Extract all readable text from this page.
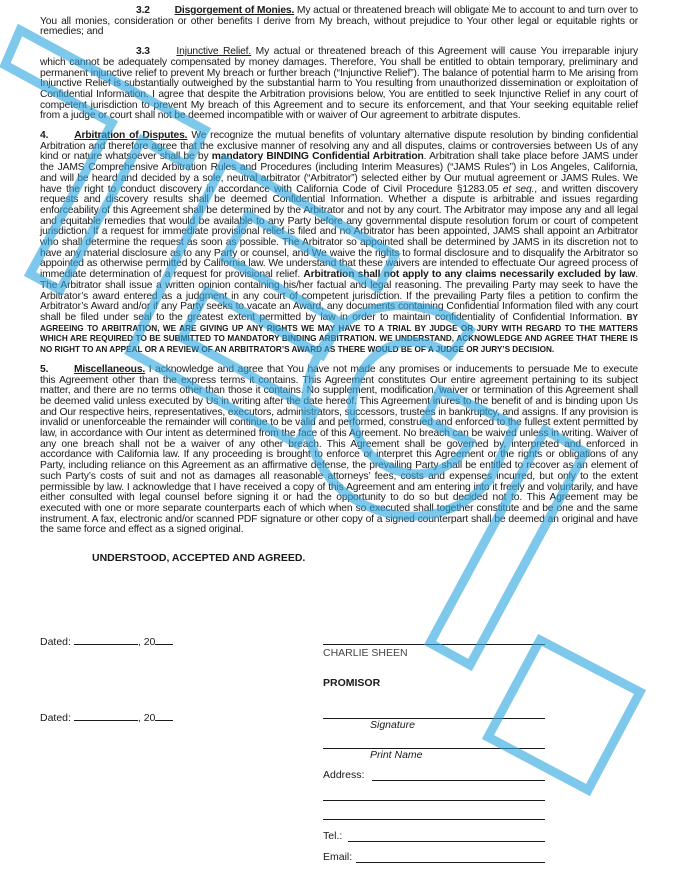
3.2 Disgorgement of Monies. My actual or threatened breach will obligate Me to account to and turn over to You all monies, consideration or other benefits I derive from My breach, without prejudice to Your other legal or equitable rights or remedies; and

3.3	Injunctive Relief. My actual or threatened breach of this Agreement will cause You irreparable injury which cannot be adequately compensated by money damages. Therefore, You shall be entitled to obtain temporary, preliminary and permanent injunctive relief to prevent My breach or further breach (“Injunctive Relief”). The balance of potential harm to Me arising from Injunctive Relief is substantially outweighed by the substantial harm to You resulting from unauthorized dissemination or exploitation of Confidential Information. I agree that despite the Arbitration provisions below, You are entitled to seek Injunctive Relief in any court of competent jurisdiction to prevent My breach of this Agreement and to secure its enforcement, and that Your seeking equitable relief from a judge or court shall not be deemed incompatible with or waiver of Our agreement to arbitrate disputes.

4.	Arbitration of Disputes. We recognize the mutual benefits of voluntary alternative dispute resolution by binding confidential Arbitration and therefore agree that the exclusive manner of resolving any and all disputes, claims or controversies between Us of any kind or nature whatsoever shall be by mandatory BINDING Confidential Arbitration. Arbitration shall take place before JAMS under the JAMS Comprehensive Arbitration Rules and Procedures (including Interim Measures) (“JAMS Rules”) in Los Angeles, California, and will be heard and decided by a sole, neutral arbitrator (“Arbitrator”) selected either by Our mutual agreement or JAMS Rules. We have the right to conduct discovery in accordance with California Code of Civil Procedure §1283.05 et seq., and written discovery requests and discovery results shall be deemed Confidential Information. Whether a dispute is arbitrable and issues regarding enforceability of this Agreement shall be determined by the Arbitrator and not by any court. The Arbitrator may impose any and all legal and equitable remedies that would be available to any Party before any governmental dispute resolution forum or court of competent jurisdiction. If a request for immediate provisional relief is filed and no Arbitrator has been appointed, JAMS shall appoint an Arbitrator who shall determine the request as soon as possible. The Arbitrator so appointed shall be determined by JAMS in its discretion not to have any material disclosure as to any Party or counsel, and We waive the rights to formal disclosure and to disqualify the Arbitrator so appointed as otherwise permitted by California law. We understand that these waivers are intended to effectuate Our agreed process of immediate determination of a request for provisional relief. Arbitration shall not apply to any claims necessarily excluded by law. The Arbitrator shall issue a written opinion containing his/her factual and legal reasoning. The prevailing Party may seek to have the Arbitrator’s award entered as a judgment in any court of competent jurisdiction. If the prevailing Party files a petition to confirm the Arbitrator’s Award and/or if any Party seeks to vacate an Award, any documents containing Confidential Information filed with any court shall be filed under seal to the greatest extent permitted by law in order to maintain confidentiality of Confidential Information. BY AGREEING TO ARBITRATION, WE ARE GIVING UP ANY RIGHTS WE MAY HAVE TO A TRIAL BY JUDGE OR JURY WITH REGARD TO THE MATTERS WHICH ARE REQUIRED TO BE SUBMITTED TO MANDATORY BINDING ARBITRATION. WE UNDERSTAND, ACKNOWLEDGE AND AGREE THAT THERE IS NO RIGHT TO AN APPEAL OR A REVIEW OF AN ARBITRATOR’S AWARD AS THERE WOULD BE OF A JUDGE OR JURY’S DECISION.

5. Miscellaneous. I acknowledge and agree that You have not made any promises or inducements to persuade Me to execute this Agreement other than the express terms it contains. This Agreement constitutes Our entire agreement pertaining to its subject matter, and there are no terms other than those it contains. No supplement, modification, waiver or termination of this Agreement shall be deemed valid unless executed by Us in writing after the date hereof. This Agreement inures to the benefit of and is binding upon Us and Our respective heirs, representatives, executors, administrators, successors, trustees in bankruptcy, and assigns. If any provision is invalid or unenforceable the remainder will continue to be valid and performed, construed and enforced to the fullest extent permitted by law, in accordance with Our intent as determined from the face of this Agreement. No breach can be waived unless in writing. Waiver of any one breach shall not be a waiver of any other breach. This Agreement shall be governed by, interpreted and enforced in accordance with California law. If any proceeding is brought to enforce or interpret this Agreement or the rights or obligations of any Party, including reliance on this Agreement as an affirmative defense, the prevailing Party shall be entitled to recover as an element of such Party’s costs of suit and not as damages all reasonable attorneys’ fees, costs and expenses incurred, but only to the extent permissible by law. I acknowledge that I have received a copy of this Agreement and am entering into it freely and voluntarily, and have either consulted with legal counsel before signing it or had the opportunity to do so but decided not to. This Agreement may be executed with one or more separate counterparts each of which when so executed shall together constitute and be one and the same instrument. A fax, electronic and/or scanned PDF signature or other copy of a signed counterpart shall be deemed an original and have the same force and effect as a signed original.

UNDERSTOOD, ACCEPTED AND AGREED.
Dated:	, 20
CHARLIE SHEEN
PROMISOR
Dated:	, 20
Signature
Print Name
Address:
Tel.:
Email:
